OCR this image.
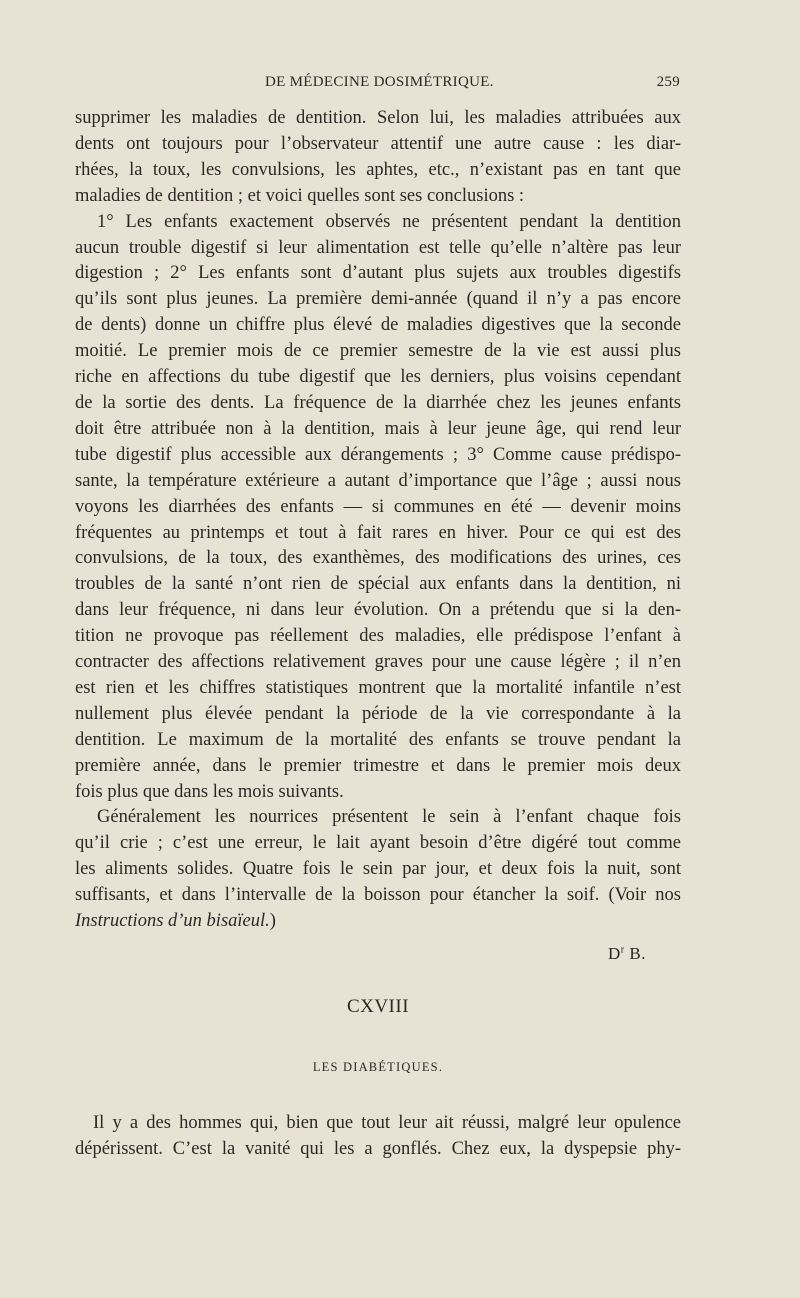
DE MÉDECINE DOSIMÉTRIQUE.	259
supprimer les maladies de dentition. Selon lui, les maladies attribuées aux
dents ont toujours pour l’observateur attentif une autre cause : les diar-
rhées, la toux, les convulsions, les aphtes, etc., n’existant pas en tant que
maladies de dentition ; et voici quelles sont ses conclusions :
1° Les enfants exactement observés ne présentent pendant la dentition
aucun trouble digestif si leur alimentation est telle qu’elle n’altère pas leur
digestion ; 2° Les enfants sont d’autant plus sujets aux troubles digestifs
qu’ils sont plus jeunes. La première demi-année (quand il n’y a pas encore
de dents) donne un chiffre plus élevé de maladies digestives que la seconde
moitié. Le premier mois de ce premier semestre de la vie est aussi plus
riche en affections du tube digestif que les derniers, plus voisins cependant
de la sortie des dents. La fréquence de la diarrhée chez les jeunes enfants
doit être attribuée non à la dentition, mais à leur jeune âge, qui rend leur
tube digestif plus accessible aux dérangements ; 3° Comme cause prédispo-
sante, la température extérieure a autant d’importance que l’âge ; aussi nous
voyons les diarrhées des enfants — si communes en été — devenir moins
fréquentes au printemps et tout à fait rares en hiver. Pour ce qui est des
convulsions, de la toux, des exanthèmes, des modifications des urines, ces
troubles de la santé n’ont rien de spécial aux enfants dans la dentition, ni
dans leur fréquence, ni dans leur évolution. On a prétendu que si la den-
tition ne provoque pas réellement des maladies, elle prédispose l’enfant à
contracter des affections relativement graves pour une cause légère ; il n’en
est rien et les chiffres statistiques montrent que la mortalité infantile n’est
nullement plus élevée pendant la période de la vie correspondante à la
dentition. Le maximum de la mortalité des enfants se trouve pendant la
première année, dans le premier trimestre et dans le premier mois deux
fois plus que dans les mois suivants.
Généralement les nourrices présentent le sein à l’enfant chaque fois
qu’il crie ; c’est une erreur, le lait ayant besoin d’être digéré tout comme
les aliments solides. Quatre fois le sein par jour, et deux fois la nuit, sont
suffisants, et dans l’intervalle de la boisson pour étancher la soif. (Voir nos
Instructions d’un bisaïeul.)
$D^r$ B.
CXVIII
LES DIABÉTIQUES.
Il y a des hommes qui, bien que tout leur ait réussi, malgré leur opulence
dépérissent. C’est la vanité qui les a gonflés. Chez eux, la dyspepsie phy-
